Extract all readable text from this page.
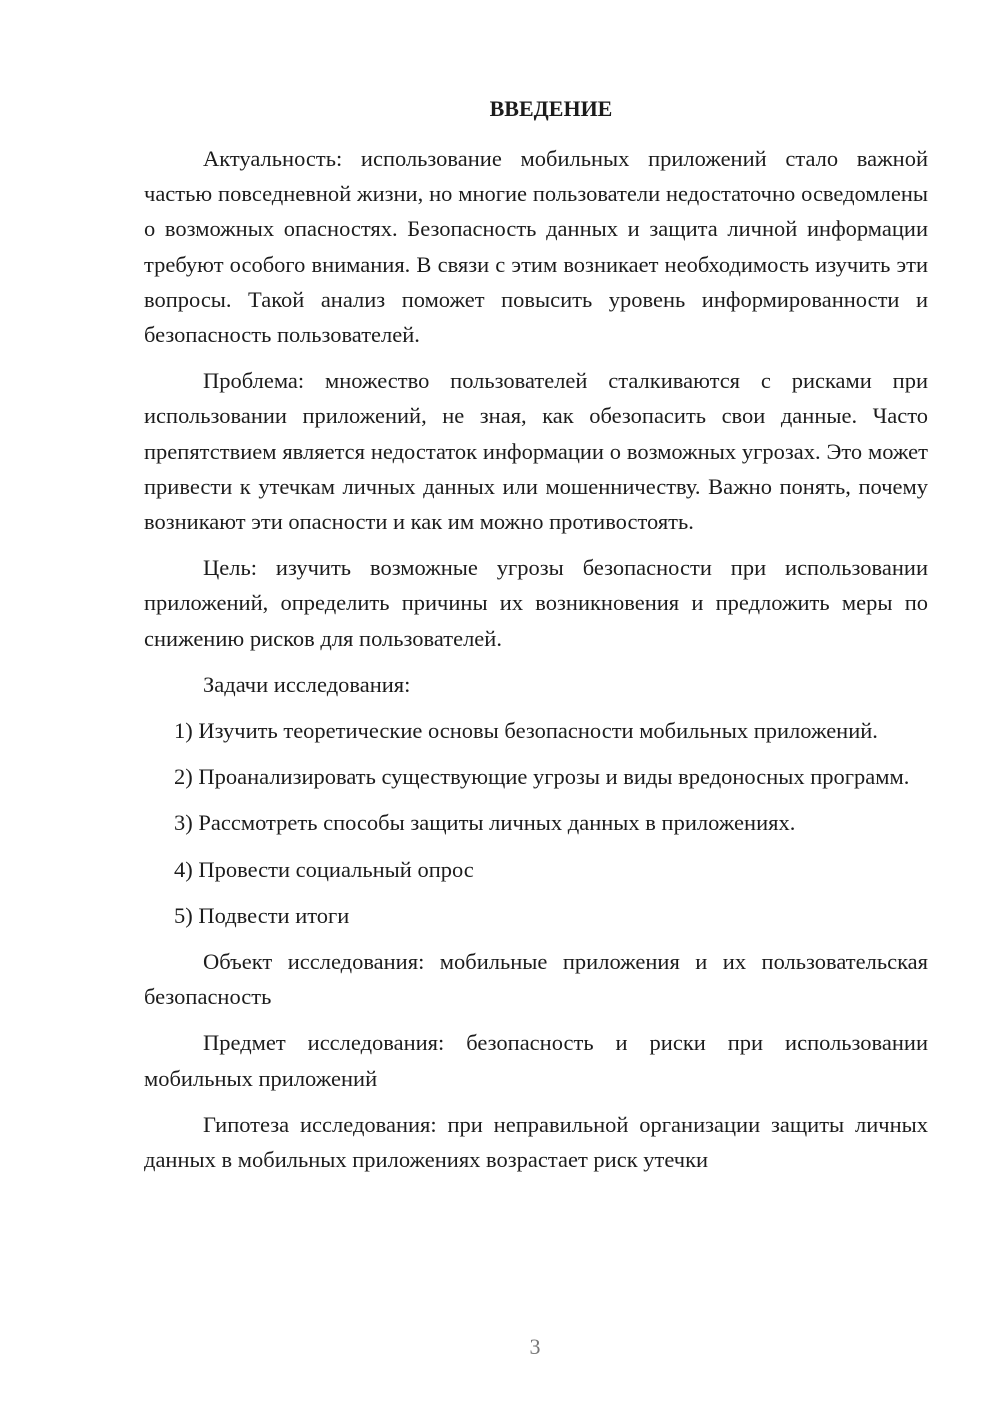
ВВЕДЕНИЕ

Актуальность: использование мобильных приложений стало важной частью повседневной жизни, но многие пользователи недостаточно осведомлены о возможных опасностях. Безопасность данных и защита личной информации требуют особого внимания. В связи с этим возникает необходимость изучить эти вопросы. Такой анализ поможет повысить уровень информированности и безопасность пользователей.

Проблема: множество пользователей сталкиваются с рисками при использовании приложений, не зная, как обезопасить свои данные. Часто препятствием является недостаток информации о возможных угрозах. Это может привести к утечкам личных данных или мошенничеству. Важно понять, почему возникают эти опасности и как им можно противостоять.

Цель: изучить возможные угрозы безопасности при использовании приложений, определить причины их возникновения и предложить меры по снижению рисков для пользователей.

Задачи исследования:

1) Изучить теоретические основы безопасности мобильных приложений.

2) Проанализировать существующие угрозы и виды вредоносных программ.

3) Рассмотреть способы защиты личных данных в приложениях.

4) Провести социальный опрос

5) Подвести итоги

Объект исследования: мобильные приложения и их пользовательская безопасность

Предмет исследования: безопасность и риски при использовании мобильных приложений

Гипотеза исследования: при неправильной организации защиты личных данных в мобильных приложениях возрастает риск утечки

3
